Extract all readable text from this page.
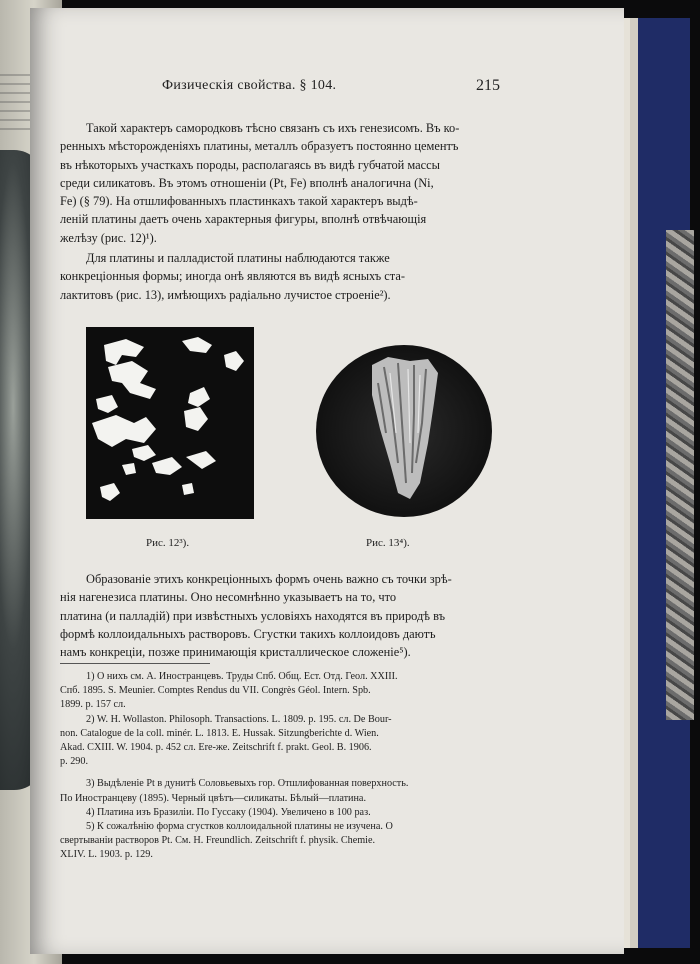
Физическія свойства. § 104.	215
Такой характеръ самородковъ тѣсно связанъ съ ихъ генезисомъ. Въ ко-
ренныхъ мѣсторожденіяхъ платины, металлъ образуетъ постоянно цементъ
въ нѣкоторыхъ участкахъ породы, располагаясь въ видѣ губчатой массы
среди силикатовъ. Въ этомъ отношеніи (Pt, Fe) вполнѣ аналогична (Ni,
Fe) (§ 79). На отшлифованныхъ пластинкахъ такой характеръ выдѣ-
леній платины даетъ очень характерныя фигуры, вполнѣ отвѣчающія
желѣзу (рис. 12)¹).
Для платины и палладистой платины наблюдаются также
конкреціонныя формы; иногда онѣ являются въ видѣ ясныхъ ста-
лактитовъ (рис. 13), имѣющихъ радіально лучистое строеніе²).
Рис. 12³).	Рис. 13⁴).
Образованіе этихъ конкреціонныхъ формъ очень важно съ точки зрѣ-
нія нагенезиса платины. Оно несомнѣнно указываетъ на то, что
платина (и палладій) при извѣстныхъ условіяхъ находятся въ природѣ въ
формѣ коллоидальныхъ растворовъ. Сгустки такихъ коллоидовъ даютъ
намъ конкреціи, позже принимающія кристаллическое сложеніе⁵).
1) О нихъ см. А. Иностранцевъ. Труды Спб. Общ. Ест. Отд. Геол. XXIII.
Спб. 1895. S. Meunier. Comptes Rendus du VII. Congrès Géol. Intern. Spb.
1899. p. 157 сл.
2) W. H. Wollaston. Philosoph. Transactions. L. 1809. p. 195. сл. De Bour-
non. Catalogue de la coll. minér. L. 1813. E. Hussak. Sitzungberichte d. Wien.
Akad. CXIII. W. 1904. p. 452 сл. Ere-же. Zeitschrift f. prakt. Geol. B. 1906.
p. 290.
3) Выдѣленіе Pt в дунитѣ Соловьевыхъ гор. Отшлифованная поверхность.
По Иностранцеву (1895). Черный цвѣтъ—силикаты. Бѣлый—платина.
4) Платина изъ Бразиліи. По Гуссаку (1904). Увеличено в 100 раз.
5) К сожалѣнію форма сгустков коллоидальной платины не изучена. О
свертываніи растворов Pt. См. H. Freundlich. Zeitschrift f. physik. Chemie.
XLIV. L. 1903. p. 129.
